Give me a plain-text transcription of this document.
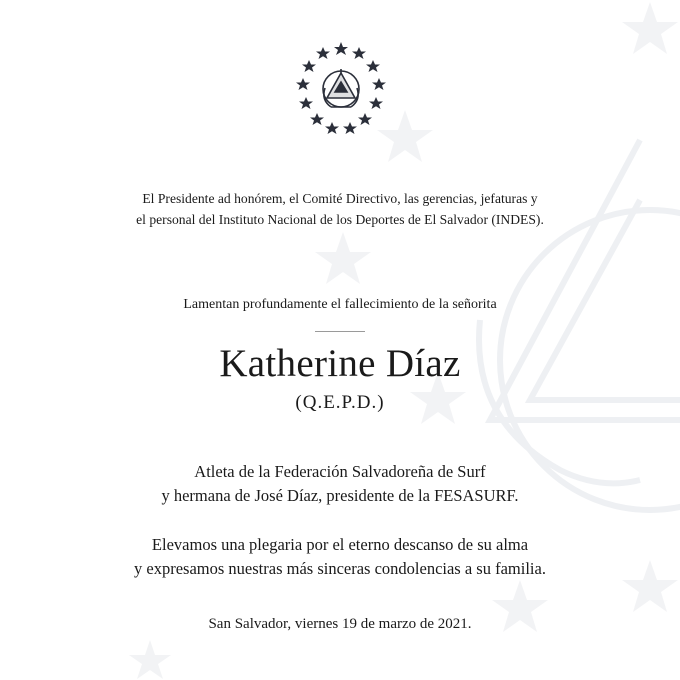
El Presidente ad honórem, el Comité Directivo, las gerencias, jefaturas y
el personal del Instituto Nacional de los Deportes de El Salvador (INDES).
Lamentan profundamente el fallecimiento de la señorita
Katherine Díaz
(Q.E.P.D.)
Atleta de la Federación Salvadoreña de Surf
y hermana de José Díaz, presidente de la FESASURF.
Elevamos una plegaria por el eterno descanso de su alma
y expresamos nuestras más sinceras condolencias a su familia.
San Salvador, viernes 19 de marzo de 2021.
